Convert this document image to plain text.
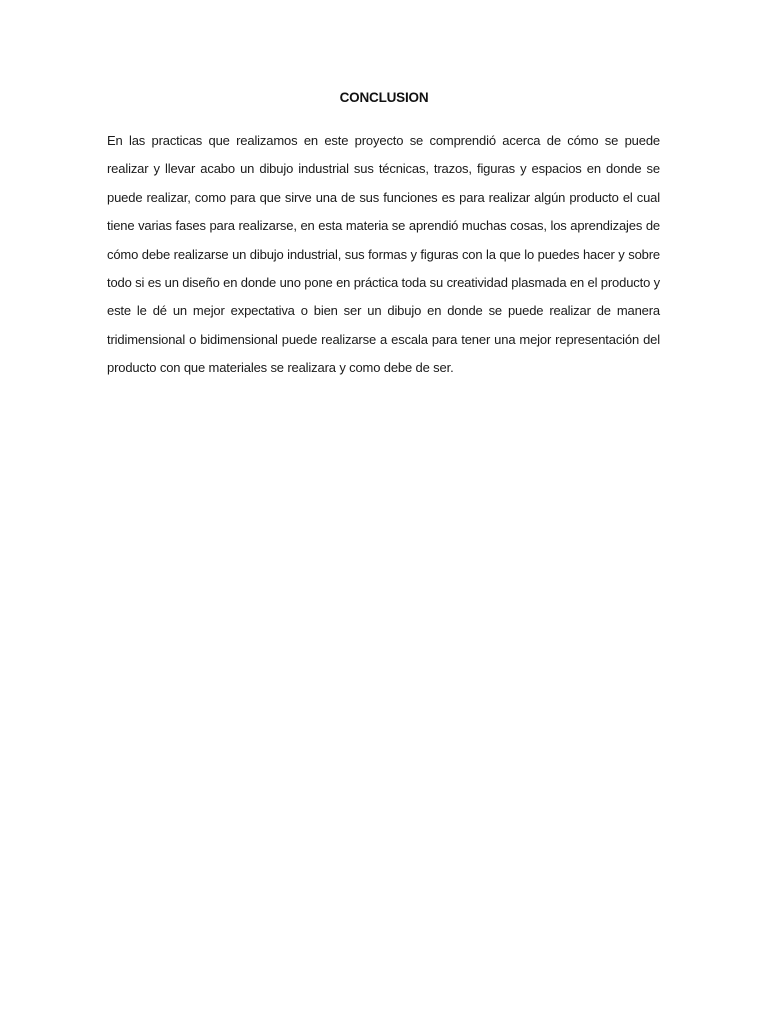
CONCLUSION

En las practicas que realizamos en este proyecto se comprendió acerca de cómo se puede realizar y llevar acabo un dibujo industrial sus técnicas, trazos, figuras y espacios en donde se puede realizar, como para que sirve una de sus funciones es para realizar algún producto el cual tiene varias fases para realizarse, en esta materia se aprendió muchas cosas, los aprendizajes de cómo debe realizarse un dibujo industrial, sus formas y figuras con la que lo puedes hacer y sobre todo si es un diseño en donde uno pone en práctica toda su creatividad plasmada en el producto y este le dé un mejor expectativa o bien ser un dibujo en donde se puede realizar de manera tridimensional o bidimensional puede realizarse a escala para tener una mejor representación del producto con que materiales se realizara y como debe de ser.
